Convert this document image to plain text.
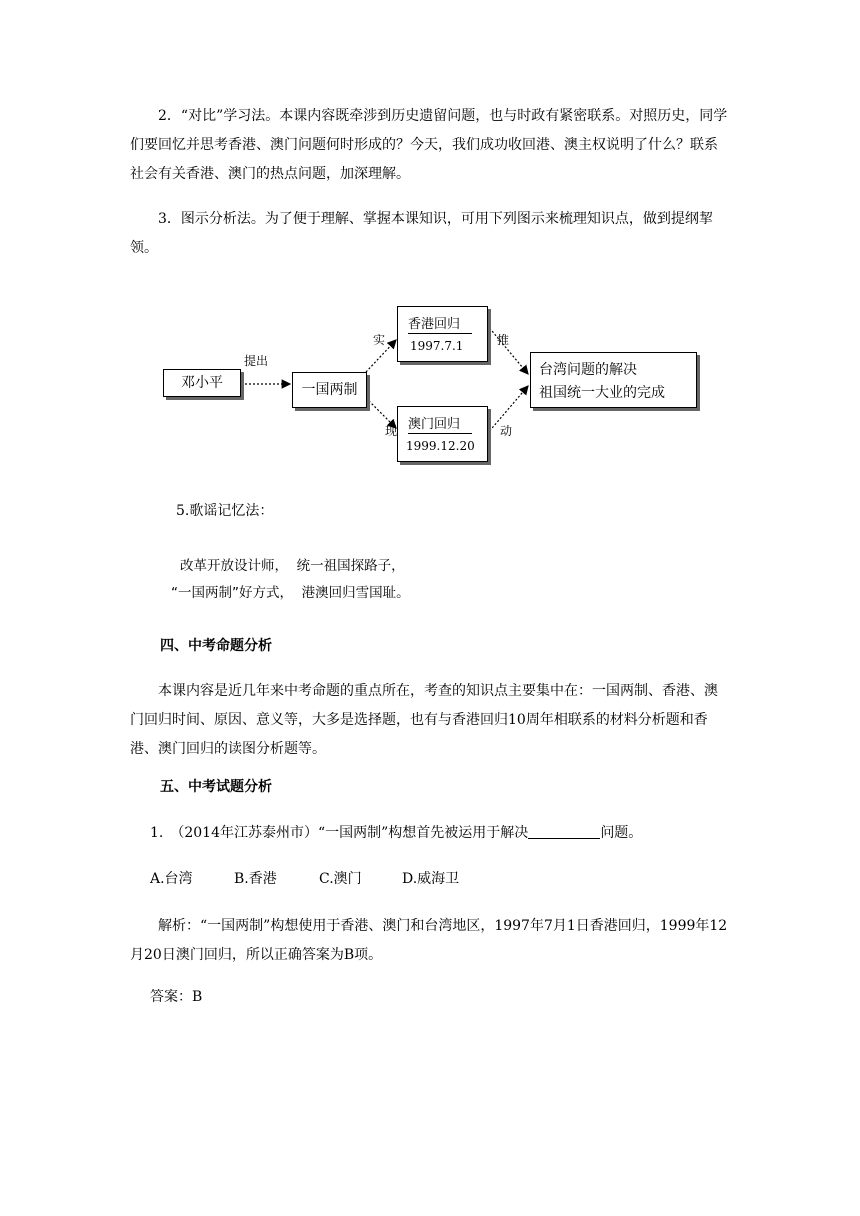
2．“对比”学习法。本课内容既牵涉到历史遗留问题，也与时政有紧密联系。对照历史，同学们要回忆并思考香港、澳门问题何时形成的？今天，我们成功收回港、澳主权说明了什么？联系社会有关香港、澳门的热点问题，加深理解。

3．图示分析法。为了便于理解、掌握本课知识，可用下列图示来梳理知识点，做到提纲挈领。

邓小平
提出
一国两制
实
现
香港回归
1997.7.1
澳门回归
1999.12.20
推
动
台湾问题的解决
祖国统一大业的完成

5.歌谣记忆法：

改革开放设计师，  统一祖国探路子，

“一国两制”好方式，  港澳回归雪国耻。

四、中考命题分析

本课内容是近几年来中考命题的重点所在，考查的知识点主要集中在：一国两制、香港、澳门回归时间、原因、意义等，大多是选择题，也有与香港回归10周年相联系的材料分析题和香港、澳门回归的读图分析题等。

五、中考试题分析

1.　（2014年江苏泰州市）“一国两制”构想首先被运用于解决	问题。

A.台湾	B.香港	C.澳门	D.威海卫

解析：“一国两制”构想使用于香港、澳门和台湾地区，1997年7月1日香港回归，1999年12月20日澳门回归，所以正确答案为B项。

答案：B
